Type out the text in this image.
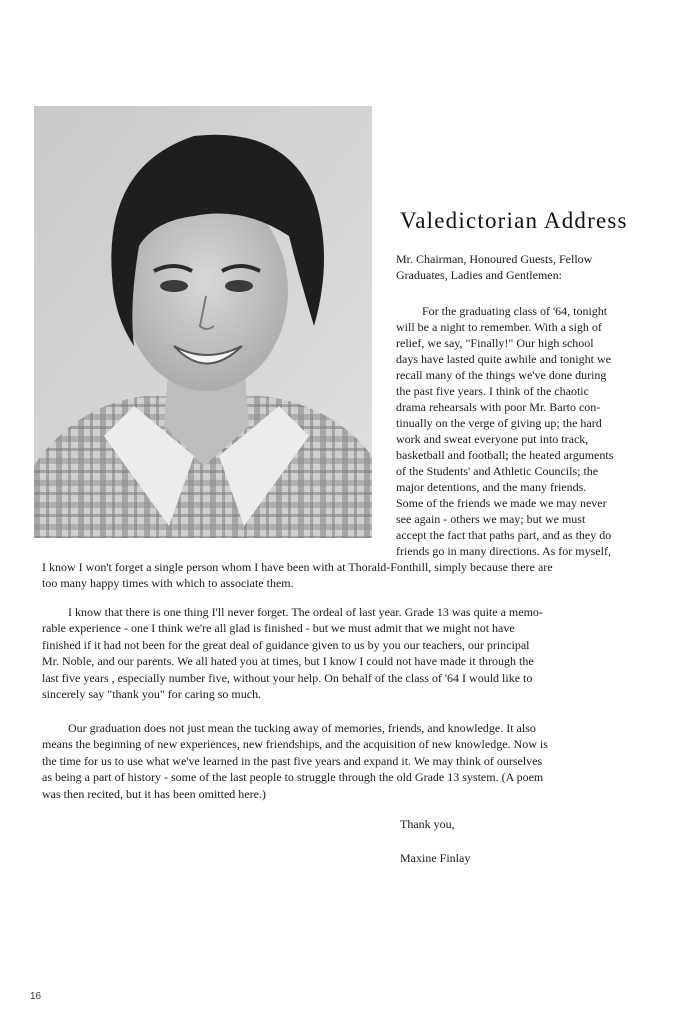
Valedictorian Address
Mr. Chairman, Honoured Guests, Fellow
Graduates, Ladies and Gentlemen:
For the graduating class of '64, tonight
will be a night to remember. With a sigh of
relief, we say, "Finally!" Our high school
days have lasted quite awhile and tonight we
recall many of the things we've done during
the past five years. I think of the chaotic
drama rehearsals with poor Mr. Barto con-
tinually on the verge of giving up; the hard
work and sweat everyone put into track,
basketball and football; the heated arguments
of the Students' and Athletic Councils; the
major detentions, and the many friends.
Some of the friends we made we may never
see again - others we may; but we must
accept the fact that paths part, and as they do
friends go in many directions. As for myself,
I know I won't forget a single person whom I have been with at Thorald-Fonthill, simply because there are
too many happy times with which to associate them.
I know that there is one thing I'll never forget. The ordeal of last year. Grade 13 was quite a memo-
rable experience - one I think we're all glad is finished - but we must admit that we might not have
finished if it had not been for the great deal of guidance given to us by you our teachers, our principal
Mr. Noble, and our parents. We all hated you at times, but I know I could not have made it through the
last five years , especially number five, without your help. On behalf of the class of '64 I would like to
sincerely say "thank you" for caring so much.
Our graduation does not just mean the tucking away of memories, friends, and knowledge. It also
means the beginning of new experiences, new friendships, and the acquisition of new knowledge. Now is
the time for us to use what we've learned in the past five years and expand it. We may think of ourselves
as being a part of history - some of the last people to struggle through the old Grade 13 system. (A poem
was then recited, but it has been omitted here.)
Thank you,
Maxine Finlay
16
